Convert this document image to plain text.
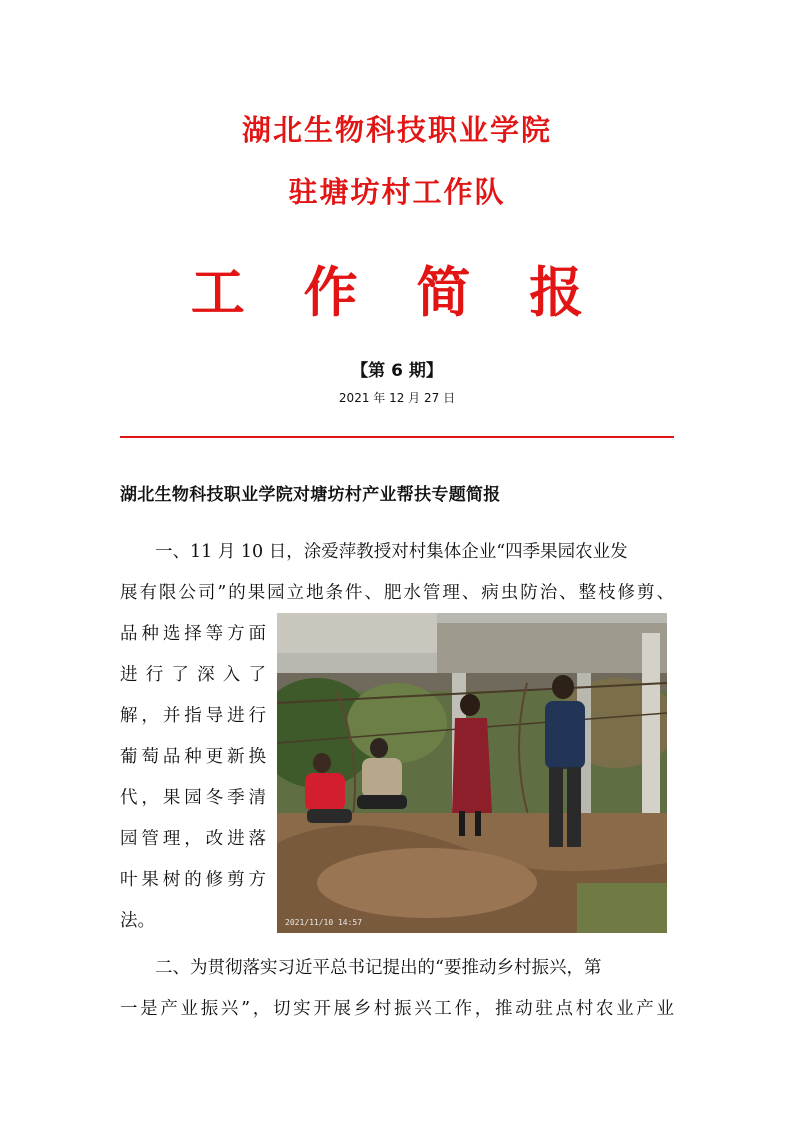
湖北生物科技职业学院
驻塘坊村工作队
工 作 简 报
【第 6 期】
2021 年 12 月 27 日
湖北生物科技职业学院对塘坊村产业帮扶专题简报
　　一、11 月 10 日，涂爱萍教授对村集体企业“四季果园农业发
展有限公司”的果园立地条件、肥水管理、病虫防治、整枝修剪、
品种选择等方面
进行了深入了
解，并指导进行
葡萄品种更新换
代，果园冬季清
园管理，改进落
叶果树的修剪方
法。	2021/11/10 14:57
　　二、为贯彻落实习近平总书记提出的“要推动乡村振兴，第
一是产业振兴”，切实开展乡村振兴工作，推动驻点村农业产业
